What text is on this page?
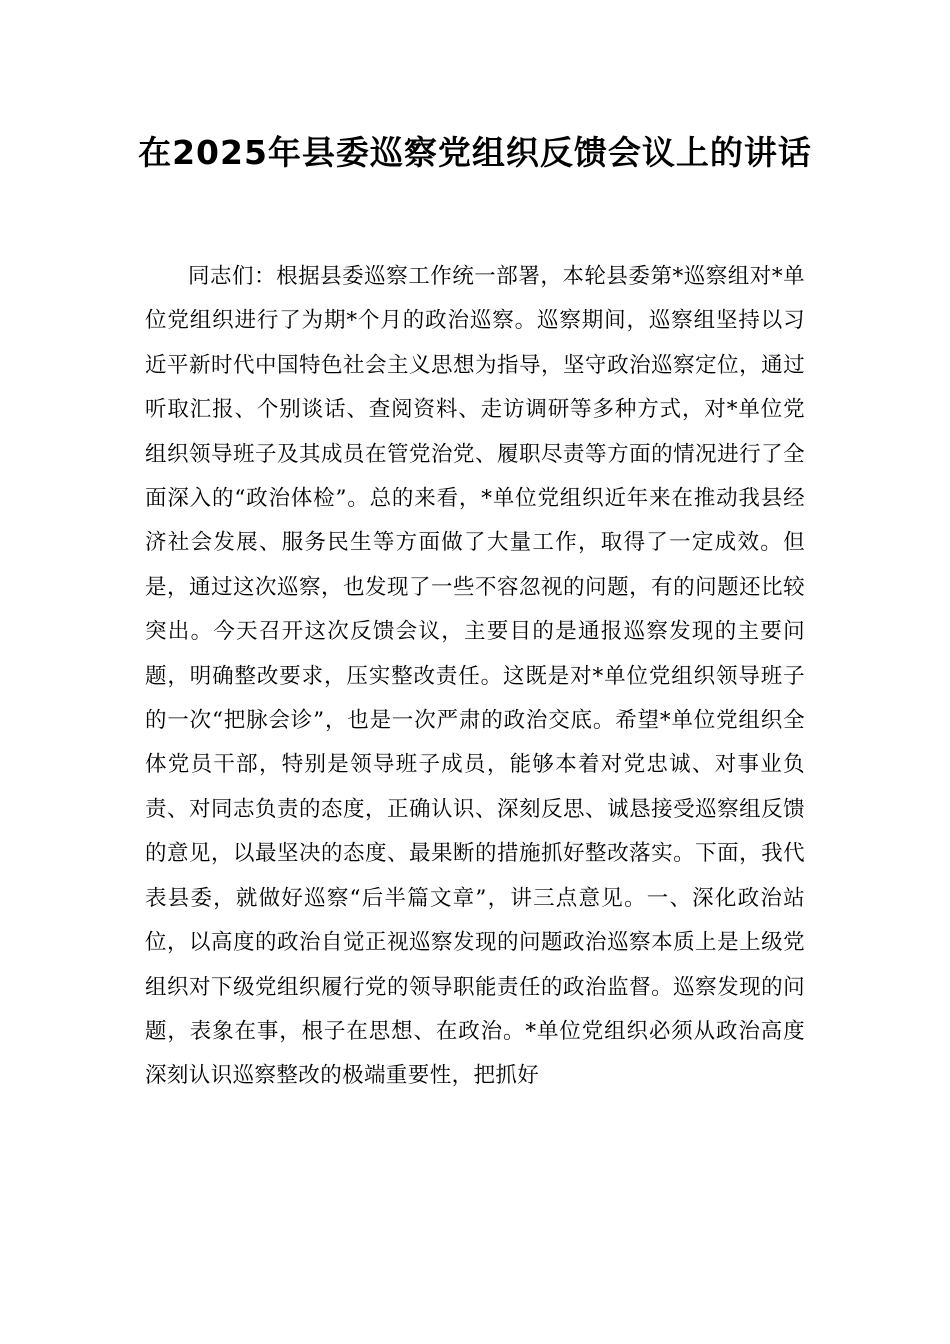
在2025年县委巡察党组织反馈会议上的讲话

同志们：根据县委巡察工作统一部署，本轮县委第*巡察组对*单位党组织进行了为期*个月的政治巡察。巡察期间，巡察组坚持以习近平新时代中国特色社会主义思想为指导，坚守政治巡察定位，通过听取汇报、个别谈话、查阅资料、走访调研等多种方式，对*单位党组织领导班子及其成员在管党治党、履职尽责等方面的情况进行了全面深入的“政治体检”。总的来看，*单位党组织近年来在推动我县经济社会发展、服务民生等方面做了大量工作，取得了一定成效。但是，通过这次巡察，也发现了一些不容忽视的问题，有的问题还比较突出。今天召开这次反馈会议，主要目的是通报巡察发现的主要问题，明确整改要求，压实整改责任。这既是对*单位党组织领导班子的一次“把脉会诊”，也是一次严肃的政治交底。希望*单位党组织全体党员干部，特别是领导班子成员，能够本着对党忠诚、对事业负责、对同志负责的态度，正确认识、深刻反思、诚恳接受巡察组反馈的意见，以最坚决的态度、最果断的措施抓好整改落实。下面，我代表县委，就做好巡察“后半篇文章”，讲三点意见。一、深化政治站位，以高度的政治自觉正视巡察发现的问题政治巡察本质上是上级党组织对下级党组织履行党的领导职能责任的政治监督。巡察发现的问题，表象在事，根子在思想、在政治。*单位党组织必须从政治高度深刻认识巡察整改的极端重要性，把抓好
